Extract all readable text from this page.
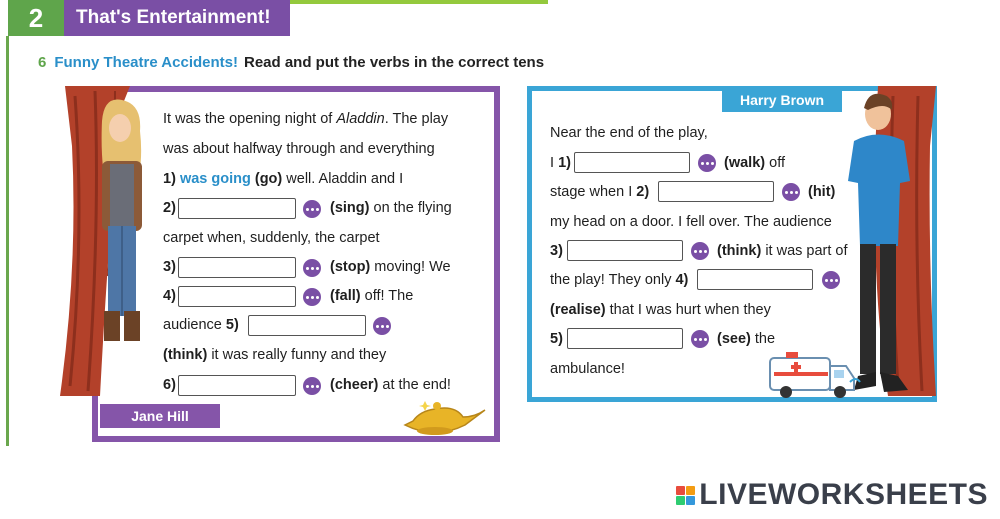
2	That's Entertainment!
6 Funny Theatre Accidents! Read and put the verbs in the correct tens
It was the opening night of Aladdin. The play
was about halfway through and everything
1) was going (go) well. Aladdin and I
2)	(sing) on the flying
carpet when, suddenly, the carpet
3)	(stop) moving! We
4)	(fall) off! The
audience 5)
(think) it was really funny and they
6)	(cheer) at the end!
Jane Hill
Harry Brown
Near the end of the play,
I 1)	(walk) off
stage when I 2)	(hit)
my head on a door. I fell over. The audience
3)	(think) it was part of
the play! They only 4)
(realise) that I was hurt when they
5)	(see) the
ambulance!
LIVEWORKSHEETS
